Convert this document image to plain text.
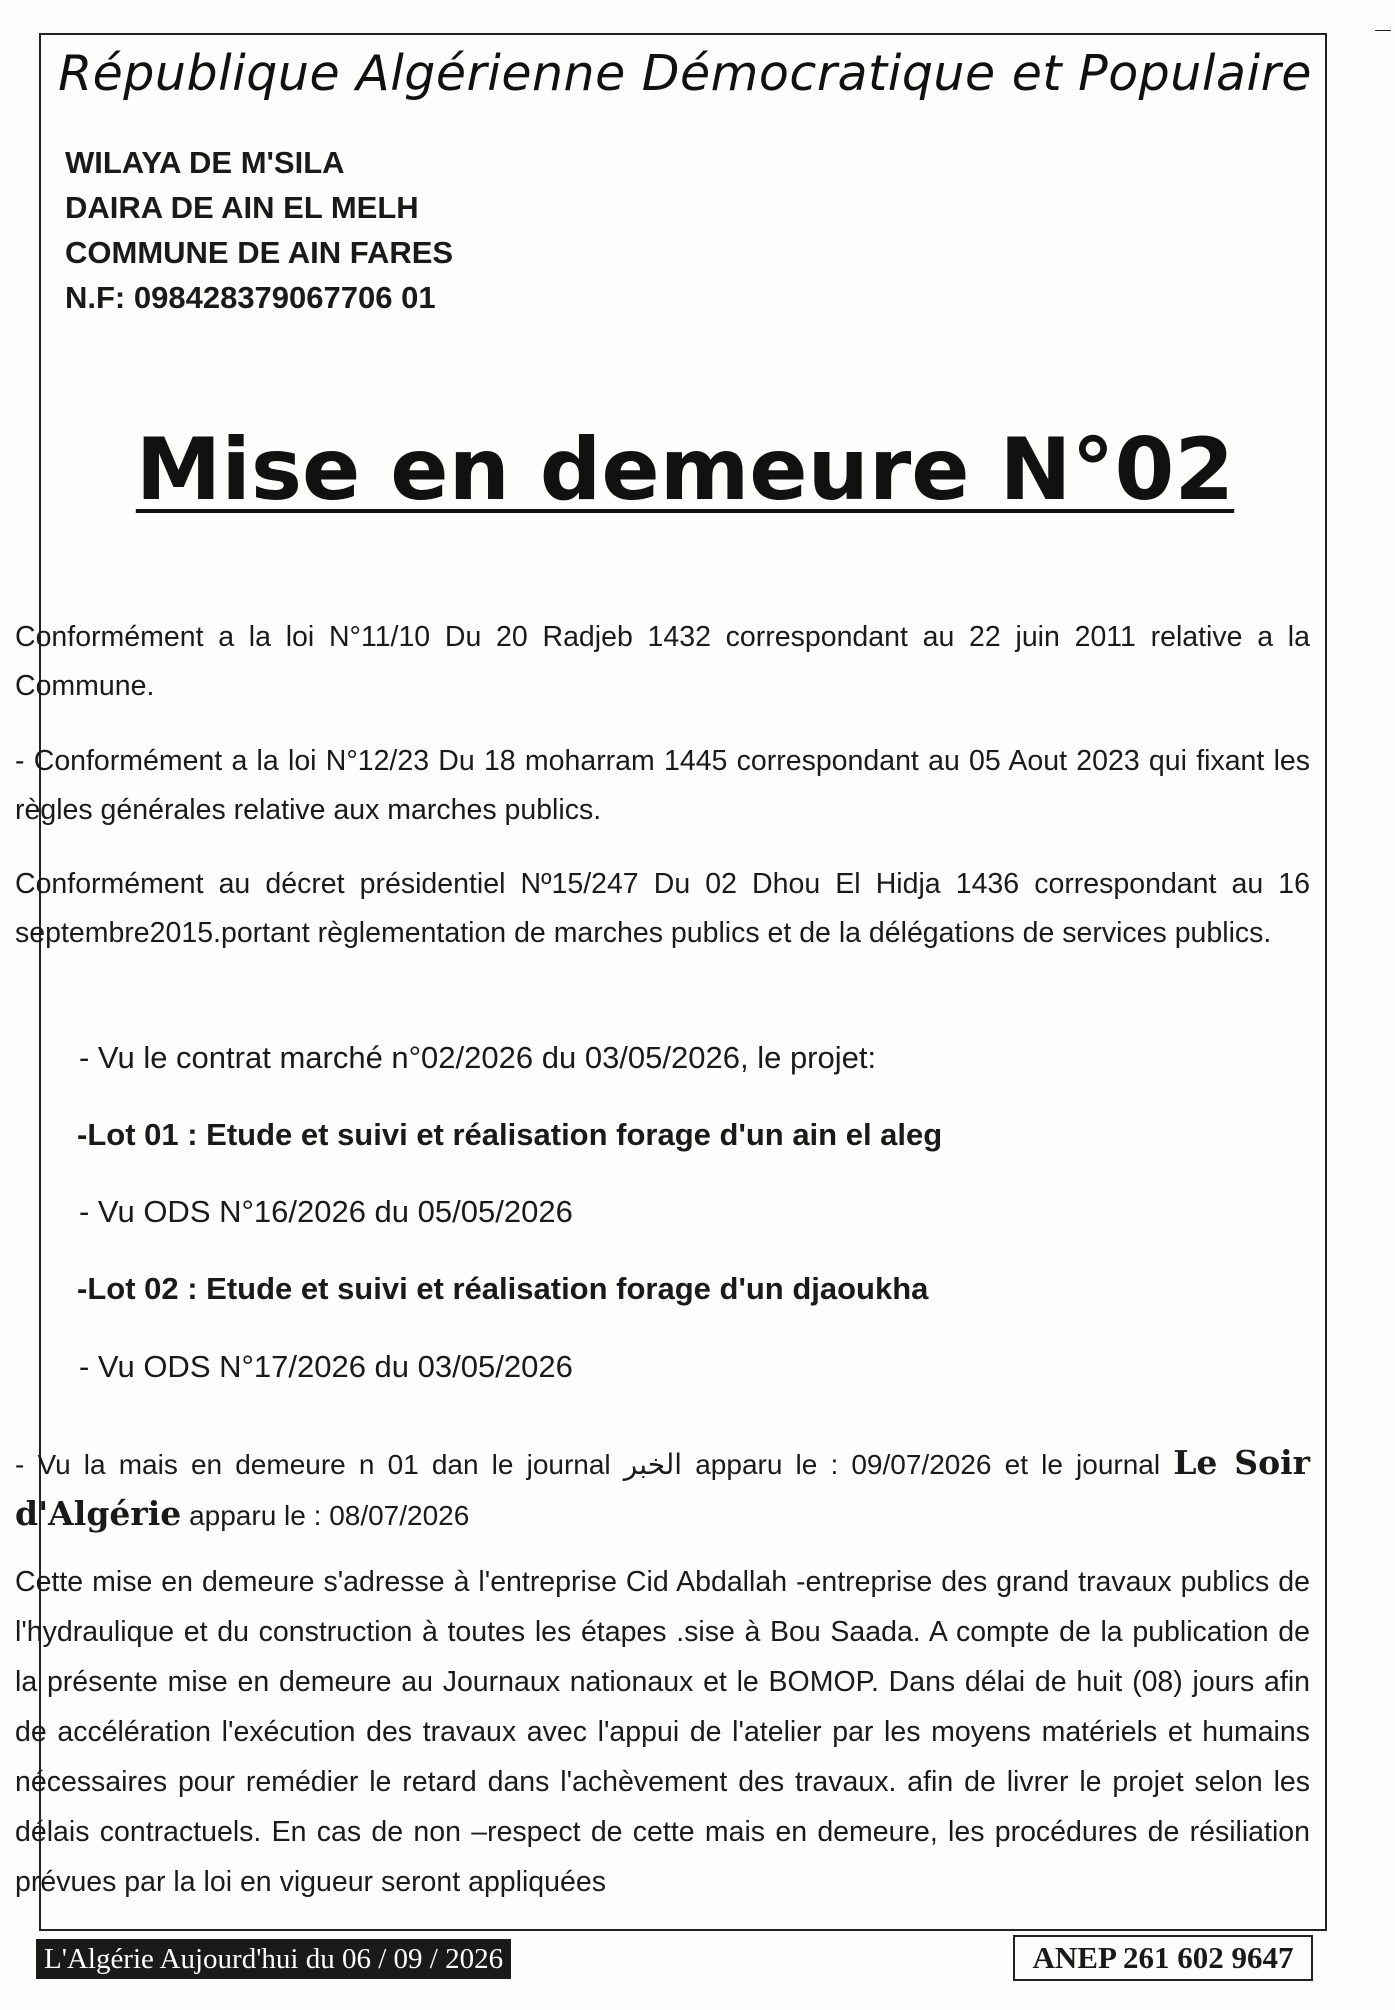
République Algérienne Démocratique et Populaire
WILAYA DE M'SILA
DAIRA DE AIN EL MELH
COMMUNE DE AIN FARES
N.F: 098428379067706 01
Mise en demeure N°02
Conformément a la loi N°11/10 Du 20 Radjeb 1432 correspondant au 22 juin 2011 relative a la Commune.
- Conformément a la loi N°12/23 Du 18 moharram 1445 correspondant au 05 Aout 2023 qui fixant les règles générales relative aux marches publics.
Conformément au décret présidentiel Nº15/247 Du 02 Dhou El Hidja 1436 correspondant au 16 septembre2015.portant règlementation de marches publics et de la délégations de services publics.
- Vu le contrat marché n°02/2026 du 03/05/2026, le projet:
-Lot 01 : Etude et suivi et réalisation forage d'un ain el aleg
- Vu ODS N°16/2026 du 05/05/2026
-Lot 02 : Etude et suivi et réalisation forage d'un djaoukha
- Vu ODS N°17/2026 du 03/05/2026
- Vu la mais en demeure n 01 dan le journal الخبر apparu le : 09/07/2026 et le journal Le Soir d'Algérie apparu le : 08/07/2026
Cette mise en demeure s'adresse à l'entreprise Cid Abdallah -entreprise des grand travaux publics de l'hydraulique et du construction à toutes les étapes .sise à Bou Saada. A compte de la publication de la présente mise en demeure au Journaux nationaux et le BOMOP. Dans délai de huit (08) jours afin de accélération l'exécution des travaux avec l'appui de l'atelier par les moyens matériels et humains nécessaires pour remédier le retard dans l'achèvement des travaux. afin de livrer le projet selon les délais contractuels. En cas de non –respect de cette mais en demeure, les procédures de résiliation prévues par la loi en vigueur seront appliquées
L'Algérie Aujourd'hui du 06 / 09 / 2026	ANEP 261 602 9647
